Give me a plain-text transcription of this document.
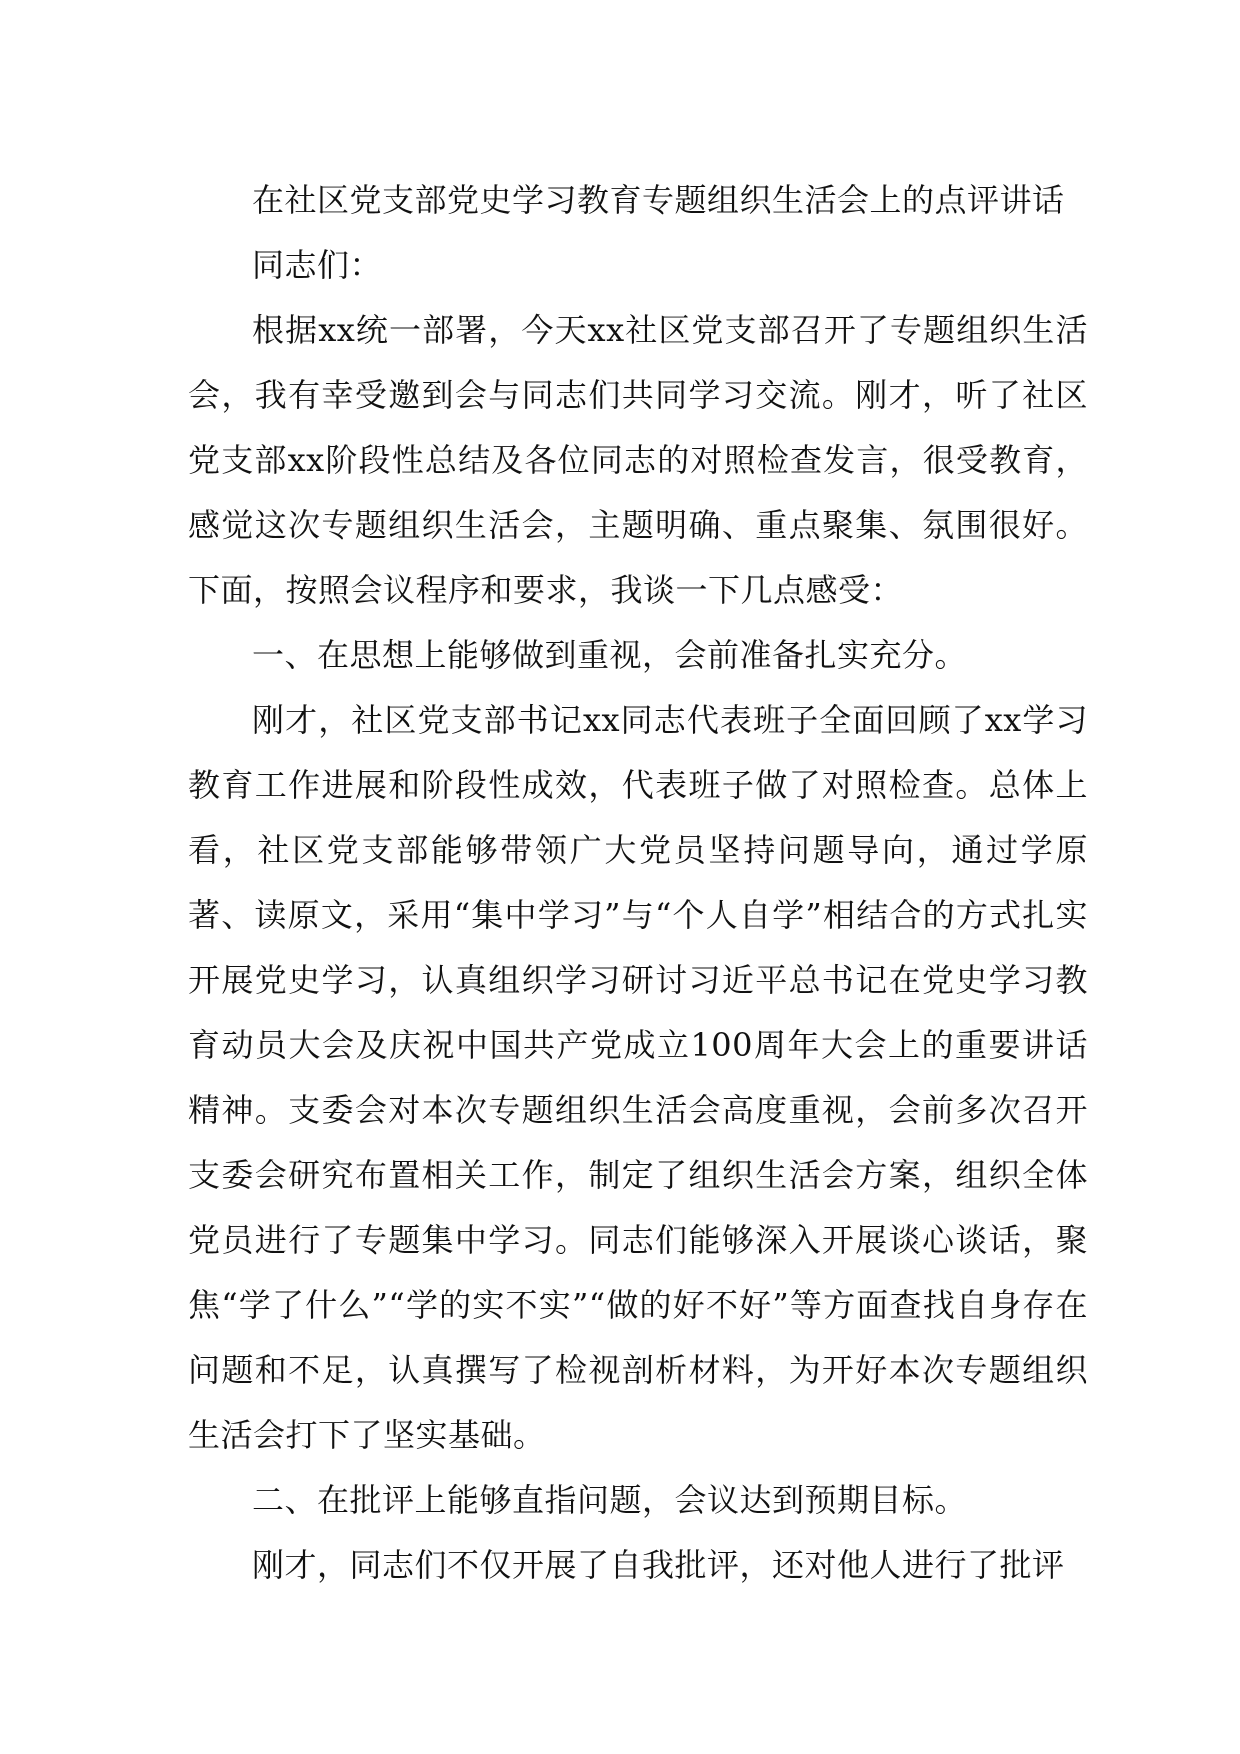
在社区党支部党史学习教育专题组织生活会上的点评讲话

同志们：

根据xx统一部署，今天xx社区党支部召开了专题组织生活会，我有幸受邀到会与同志们共同学习交流。刚才，听了社区党支部xx阶段性总结及各位同志的对照检查发言，很受教育，感觉这次专题组织生活会，主题明确、重点聚集、氛围很好。下面，按照会议程序和要求，我谈一下几点感受：

一、在思想上能够做到重视，会前准备扎实充分。

刚才，社区党支部书记xx同志代表班子全面回顾了xx学习教育工作进展和阶段性成效，代表班子做了对照检查。总体上看，社区党支部能够带领广大党员坚持问题导向，通过学原著、读原文，采用“集中学习”与“个人自学”相结合的方式扎实开展党史学习，认真组织学习研讨习近平总书记在党史学习教育动员大会及庆祝中国共产党成立100周年大会上的重要讲话精神。支委会对本次专题组织生活会高度重视，会前多次召开支委会研究布置相关工作，制定了组织生活会方案，组织全体党员进行了专题集中学习。同志们能够深入开展谈心谈话，聚焦“学了什么”“学的实不实”“做的好不好”等方面查找自身存在问题和不足，认真撰写了检视剖析材料，为开好本次专题组织生活会打下了坚实基础。

二、在批评上能够直指问题，会议达到预期目标。

刚才，同志们不仅开展了自我批评，还对他人进行了批评
